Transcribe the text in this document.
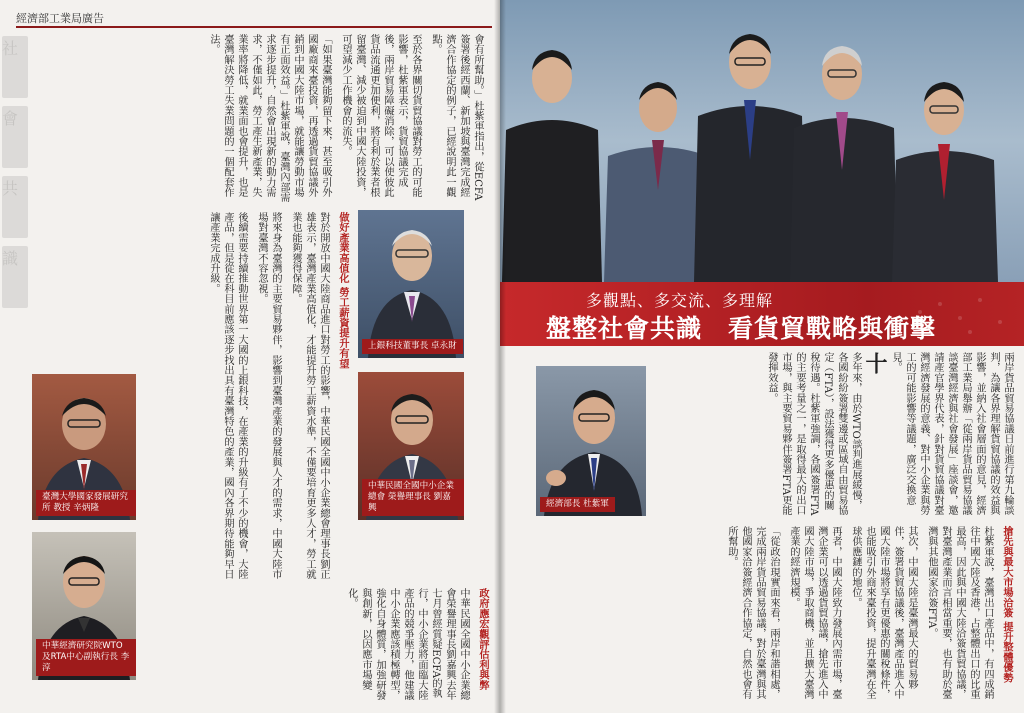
經濟部工業局廣告
社
會
共
識
會有所幫助。」杜紫軍指出，從ECFA簽署後經西蘭、新加坡與臺灣完成經濟合作協定的例子，已經說明此一觀點。
至於各界關切貨貿協議對勞工的可能影響，杜紫軍表示，貨貿協議完成後，兩岸貿易障礙消除，可以使彼此貨品流通更加便利，將有利於業者根留臺灣、減少被迫到中國大陸投資，可望減少工作機會的流失。
「如果臺灣能夠留下來，甚至吸引外國廠商來臺投資，再透過貨貿協議外銷到中國大陸市場，就能讓勞動市場有正面效益。」杜紫軍說，臺灣內部需求逐步提升，自然會出現新的動力需求，不僅如此，勞工產生新產業，失業率將降低，就業面也會提升，也是臺灣解決勞工失業問題的一個配套作法。
做好產業高值化 勞工薪資提升有望
對於開放中國大陸商品進口對勞工的影響，中華民國全國中小企業總會理事長劉正雄表示，臺灣產業高值化，才能提升勞工薪資水準，不僅要培育更多人才，勞工就業也能夠獲得保障。
將來身為臺灣的主要貿易夥伴，影響到臺灣產業的發展與人才的需求，中國大陸市場對臺灣不容忽視。
後續需要持續推動世界第一大國的上銀科技，在產業的升級有了不少的機會，大陸產品，但是從在科目前應該逐步找出具有臺灣特色的產業，國內各界期待能夠早日讓產業完成升級。
政府應宏觀評估利與弊
中華民國全國中小企業總會榮譽理事長劉嘉興去年七月曾經質疑ECFA的執行，中小企業將面臨大陸產品的競爭壓力，他建議中小企業應該積極轉型，強化自身體質，加強研發與創新，以因應市場變化。
上銀科技董事長 卓永財
中華民國全國中小企業總會 榮譽理事長 劉嘉興
臺灣大學國家發展研究所 教授 辛炳隆
中華經濟研究院WTO及RTA中心副執行長 李淳
多觀點、多交流、多理解
盤整社會共識　看貨貿戰略與衝擊
兩岸貨品貿易協議日前進行第九輪談判，為讓各界理解貨貿協議的效益與影響，並納入社會層面的意見，經濟部工業局舉辦「從兩岸貨品貿易協議談臺灣經濟與社會發展」座談會，邀請產官學界代表，針對貨貿協議對臺灣經濟發展的意義、對中小企業與勞工的可能影響等議題，廣泛交換意見。
十
多年來，由於WTO談判進展緩慢，各國紛紛簽署雙邊或區域自由貿易協定（FTA），設法獲得更多優惠的關稅待遇。杜紫軍強調，各國簽署FTA的主要考量之一，是取得最大的出口市場，與主要貿易夥伴簽署FTA更能發揮效益。
搶先與最大市場洽簽 提升整體優勢
杜紫軍說，臺灣出口產品中，有四成銷往中國大陸及香港，占整體出口的比重最高，因此與中國大陸洽簽貨貿協議，對臺灣產業而言相當重要，也有助於臺灣與其他國家洽簽FTA。
其次，中國大陸是臺灣最大的貿易夥伴，簽署貨貿協議後，臺灣產品進入中國大陸市場將享有更優惠的關稅條件，也能吸引外商來臺投資，提升臺灣在全球供應鏈的地位。
再者，中國大陸致力發展內需市場，臺灣企業可以透過貨貿協議，搶先進入中國大陸市場，爭取商機，並且擴大臺灣產業的經濟規模。
「從政治現實面來看，兩岸和諧相處，完成兩岸貨品貿易協議，對於臺灣與其他國家洽簽經濟合作協定，自然也會有所幫助。
經濟部長 杜紫軍
